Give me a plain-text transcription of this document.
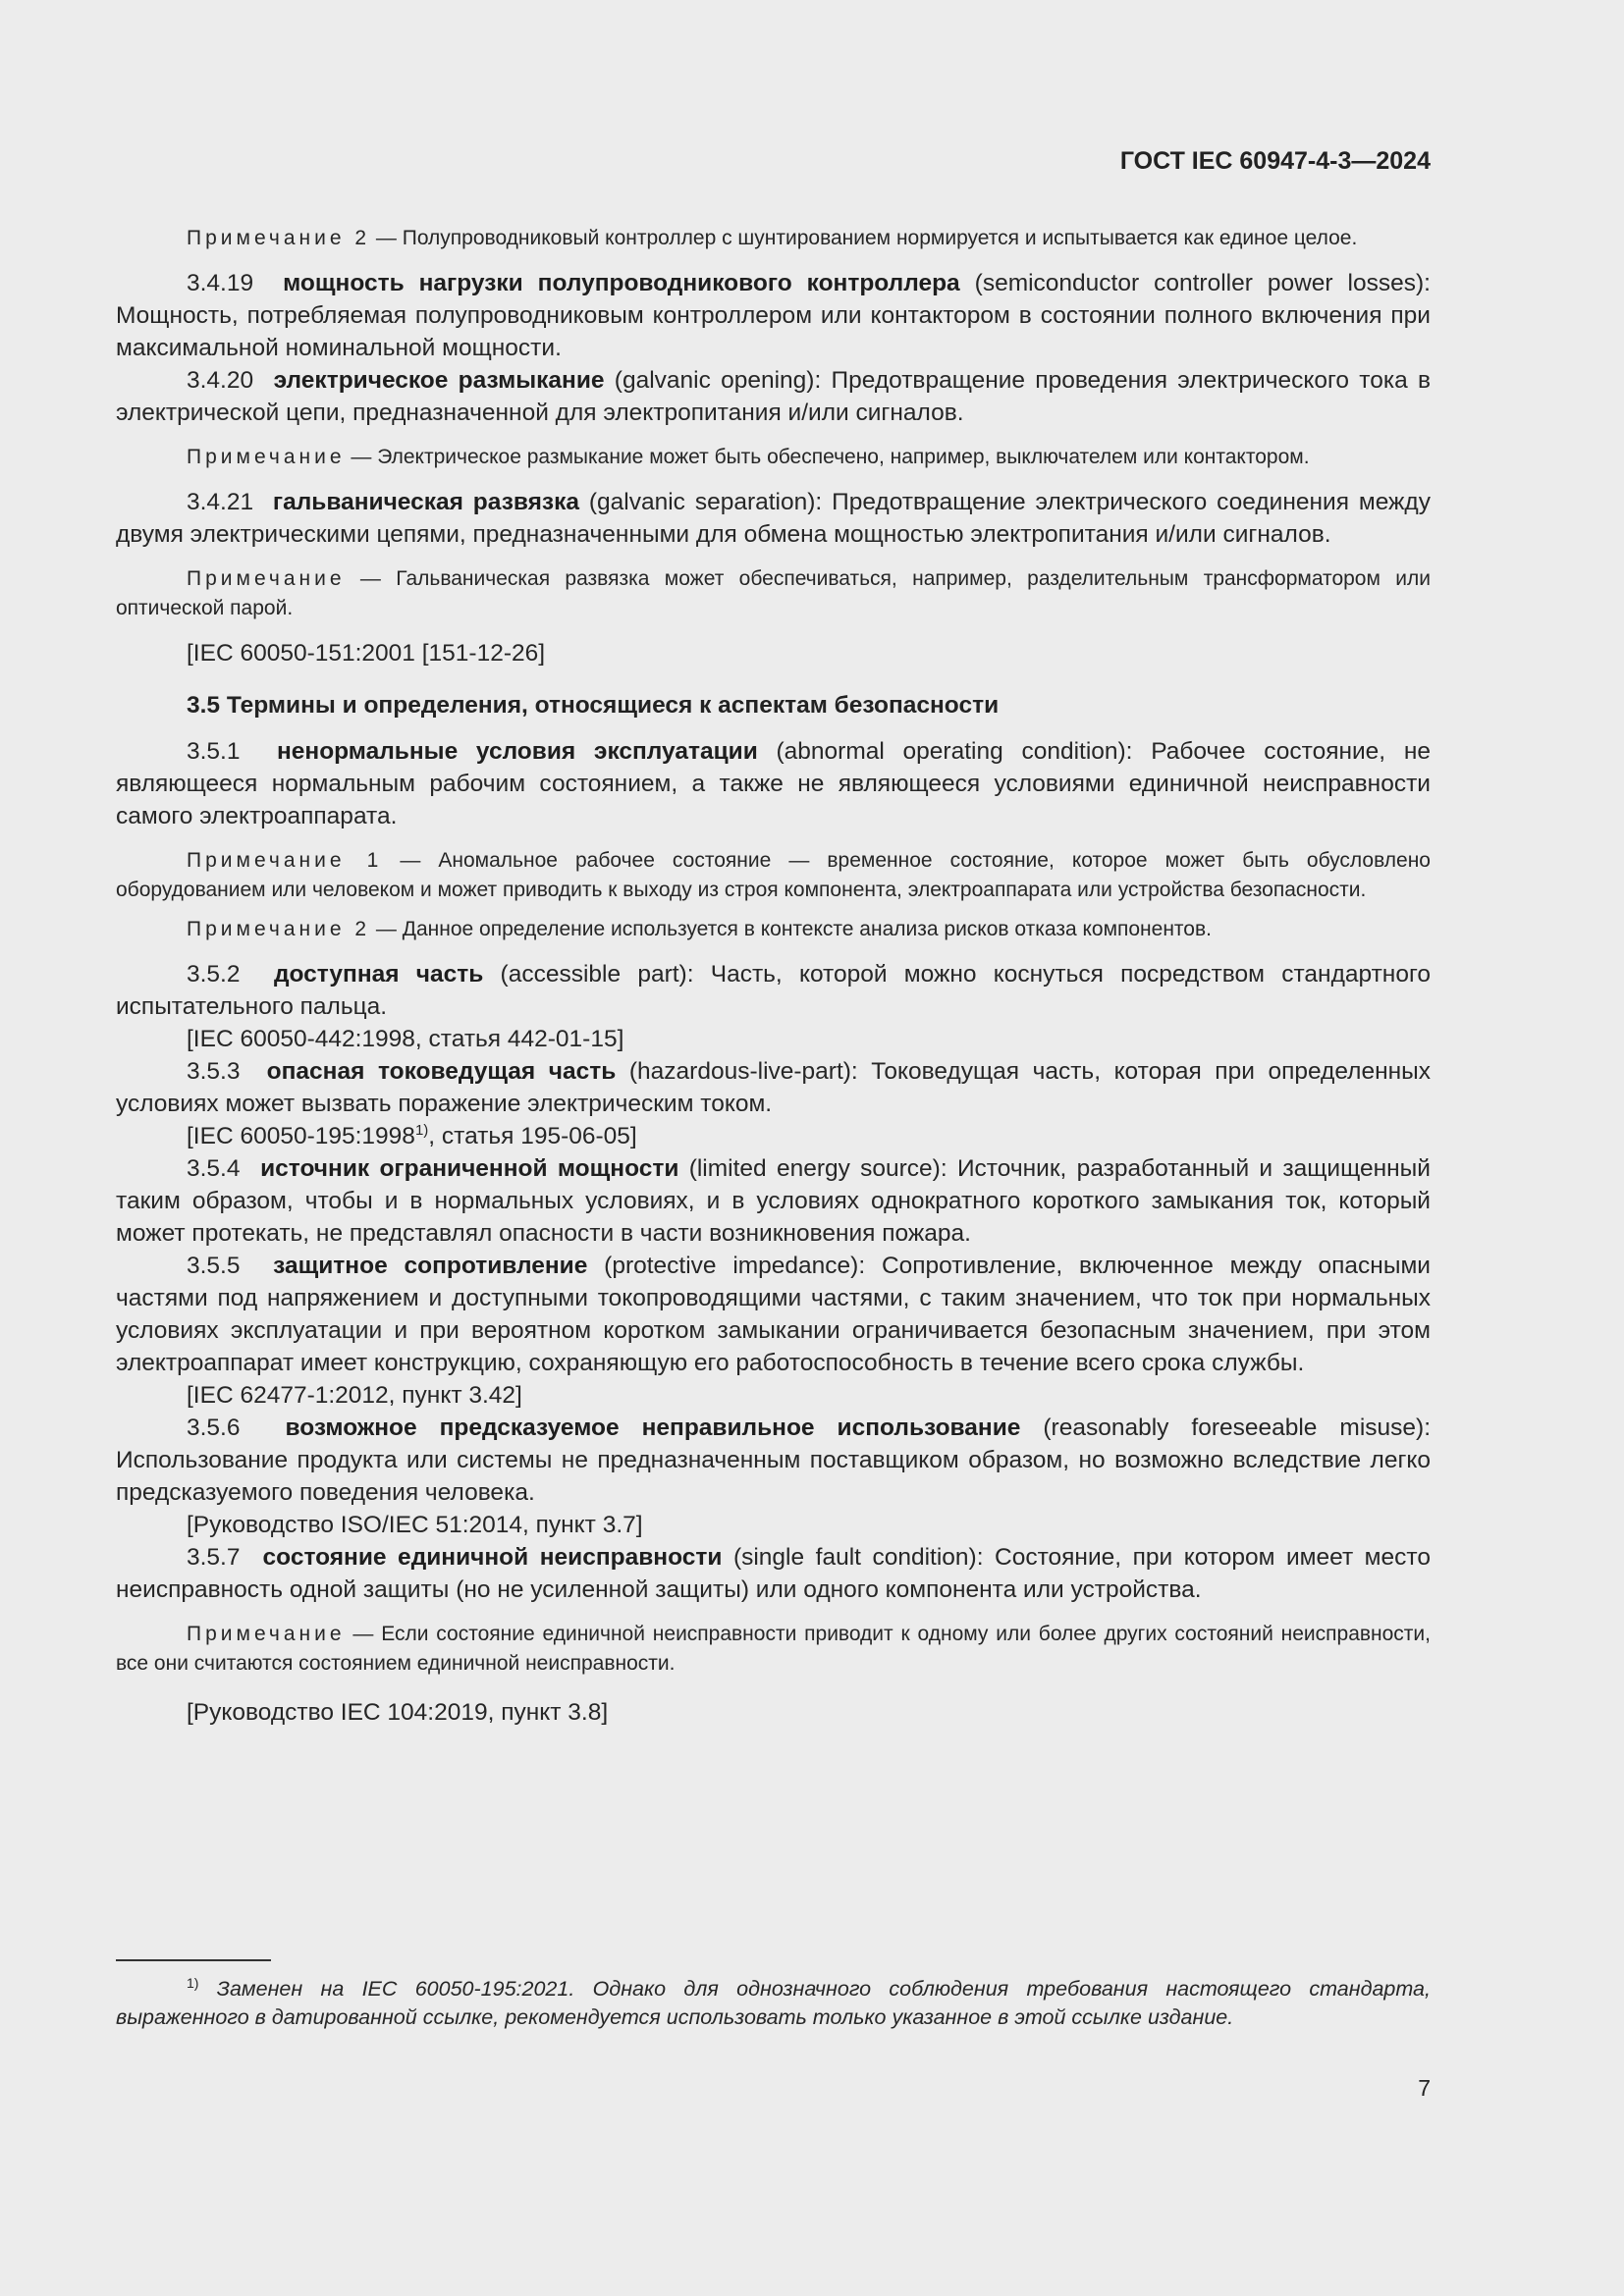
ГОСТ IEC 60947-4-3—2024

Примечание 2 — Полупроводниковый контроллер с шунтированием нормируется и испытывается как единое целое.

3.4.19 мощность нагрузки полупроводникового контроллера (semiconductor controller power losses): Мощность, потребляемая полупроводниковым контроллером или контактором в состоянии полного включения при максимальной номинальной мощности.

3.4.20 электрическое размыкание (galvanic opening): Предотвращение проведения электрического тока в электрической цепи, предназначенной для электропитания и/или сигналов.

Примечание — Электрическое размыкание может быть обеспечено, например, выключателем или контактором.

3.4.21 гальваническая развязка (galvanic separation): Предотвращение электрического соединения между двумя электрическими цепями, предназначенными для обмена мощностью электропитания и/или сигналов.

Примечание — Гальваническая развязка может обеспечиваться, например, разделительным трансформатором или оптической парой.

[IEC 60050-151:2001 [151-12-26]

3.5 Термины и определения, относящиеся к аспектам безопасности

3.5.1 ненормальные условия эксплуатации (abnormal operating condition): Рабочее состояние, не являющееся нормальным рабочим состоянием, а также не являющееся условиями единичной неисправности самого электроаппарата.

Примечание 1 — Аномальное рабочее состояние — временное состояние, которое может быть обусловлено оборудованием или человеком и может приводить к выходу из строя компонента, электроаппарата или устройства безопасности.

Примечание 2 — Данное определение используется в контексте анализа рисков отказа компонентов.

3.5.2 доступная часть (accessible part): Часть, которой можно коснуться посредством стандартного испытательного пальца.

[IEC 60050-442:1998, статья 442-01-15]

3.5.3 опасная токоведущая часть (hazardous-live-part): Токоведущая часть, которая при определенных условиях может вызвать поражение электрическим током.

[IEC 60050-195:1998$^{1)}$, статья 195-06-05]

3.5.4 источник ограниченной мощности (limited energy source): Источник, разработанный и защищенный таким образом, чтобы и в нормальных условиях, и в условиях однократного короткого замыкания ток, который может протекать, не представлял опасности в части возникновения пожара.

3.5.5 защитное сопротивление (protective impedance): Сопротивление, включенное между опасными частями под напряжением и доступными токопроводящими частями, с таким значением, что ток при нормальных условиях эксплуатации и при вероятном коротком замыкании ограничивается безопасным значением, при этом электроаппарат имеет конструкцию, сохраняющую его работоспособность в течение всего срока службы.

[IEC 62477-1:2012, пункт 3.42]

3.5.6 возможное предсказуемое неправильное использование (reasonably foreseeable misuse): Использование продукта или системы не предназначенным поставщиком образом, но возможно вследствие легко предсказуемого поведения человека.

[Руководство ISO/IEC 51:2014, пункт 3.7]

3.5.7 состояние единичной неисправности (single fault condition): Состояние, при котором имеет место неисправность одной защиты (но не усиленной защиты) или одного компонента или устройства.

Примечание — Если состояние единичной неисправности приводит к одному или более других состояний неисправности, все они считаются состоянием единичной неисправности.

[Руководство IEC 104:2019, пункт 3.8]

$^{1)}$ Заменен на IEC 60050-195:2021. Однако для однозначного соблюдения требования настоящего стандарта, выраженного в датированной ссылке, рекомендуется использовать только указанное в этой ссылке издание.

7
